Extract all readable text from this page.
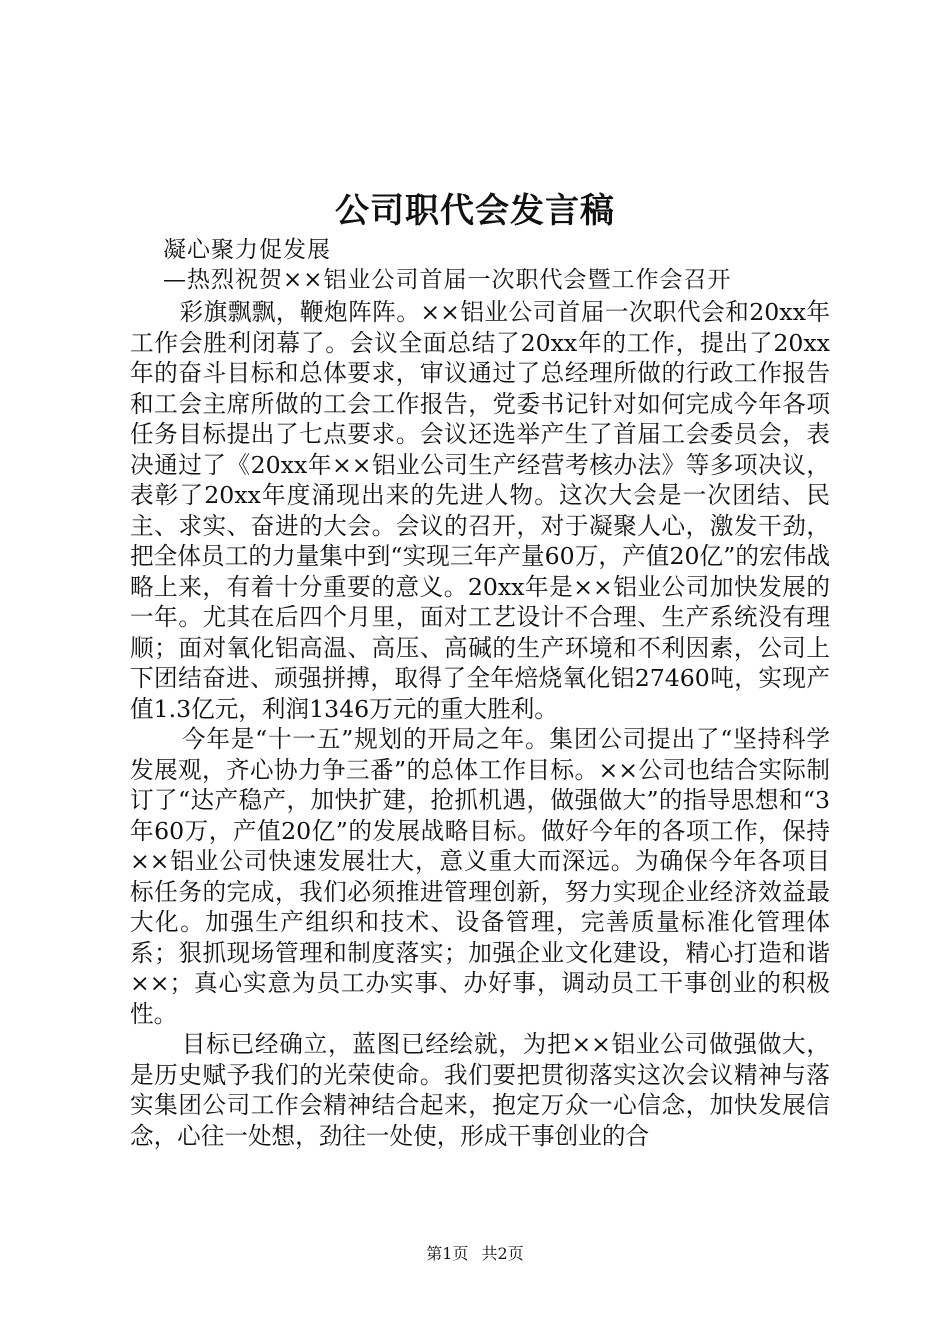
公司职代会发言稿
凝心聚力促发展
—热烈祝贺××铝业公司首届一次职代会暨工作会召开

彩旗飘飘，鞭炮阵阵。××铝业公司首届一次职代会和20xx年工作会胜利闭幕了。会议全面总结了20xx年的工作，提出了20xx年的奋斗目标和总体要求，审议通过了总经理所做的行政工作报告和工会主席所做的工会工作报告，党委书记针对如何完成今年各项任务目标提出了七点要求。会议还选举产生了首届工会委员会，表决通过了《20xx年××铝业公司生产经营考核办法》等多项决议，表彰了20xx年度涌现出来的先进人物。这次大会是一次团结、民主、求实、奋进的大会。会议的召开，对于凝聚人心，激发干劲，把全体员工的力量集中到“实现三年产量60万，产值20亿”的宏伟战略上来，有着十分重要的意义。20xx年是××铝业公司加快发展的一年。尤其在后四个月里，面对工艺设计不合理、生产系统没有理顺；面对氧化铝高温、高压、高碱的生产环境和不利因素，公司上下团结奋进、顽强拼搏，取得了全年焙烧氧化铝27460吨，实现产值1.3亿元，利润1346万元的重大胜利。

今年是“十一五”规划的开局之年。集团公司提出了“坚持科学发展观，齐心协力争三番”的总体工作目标。××公司也结合实际制订了“达产稳产，加快扩建，抢抓机遇，做强做大”的指导思想和“3年60万，产值20亿”的发展战略目标。做好今年的各项工作，保持××铝业公司快速发展壮大，意义重大而深远。为确保今年各项目标任务的完成，我们必须推进管理创新，努力实现企业经济效益最大化。加强生产组织和技术、设备管理，完善质量标准化管理体系；狠抓现场管理和制度落实；加强企业文化建设，精心打造和谐××；真心实意为员工办实事、办好事，调动员工干事创业的积极性。

目标已经确立，蓝图已经绘就，为把××铝业公司做强做大，是历史赋予我们的光荣使命。我们要把贯彻落实这次会议精神与落实集团公司工作会精神结合起来，抱定万众一心信念，加快发展信念，心往一处想，劲往一处使，形成干事创业的合

第1页 共2页
